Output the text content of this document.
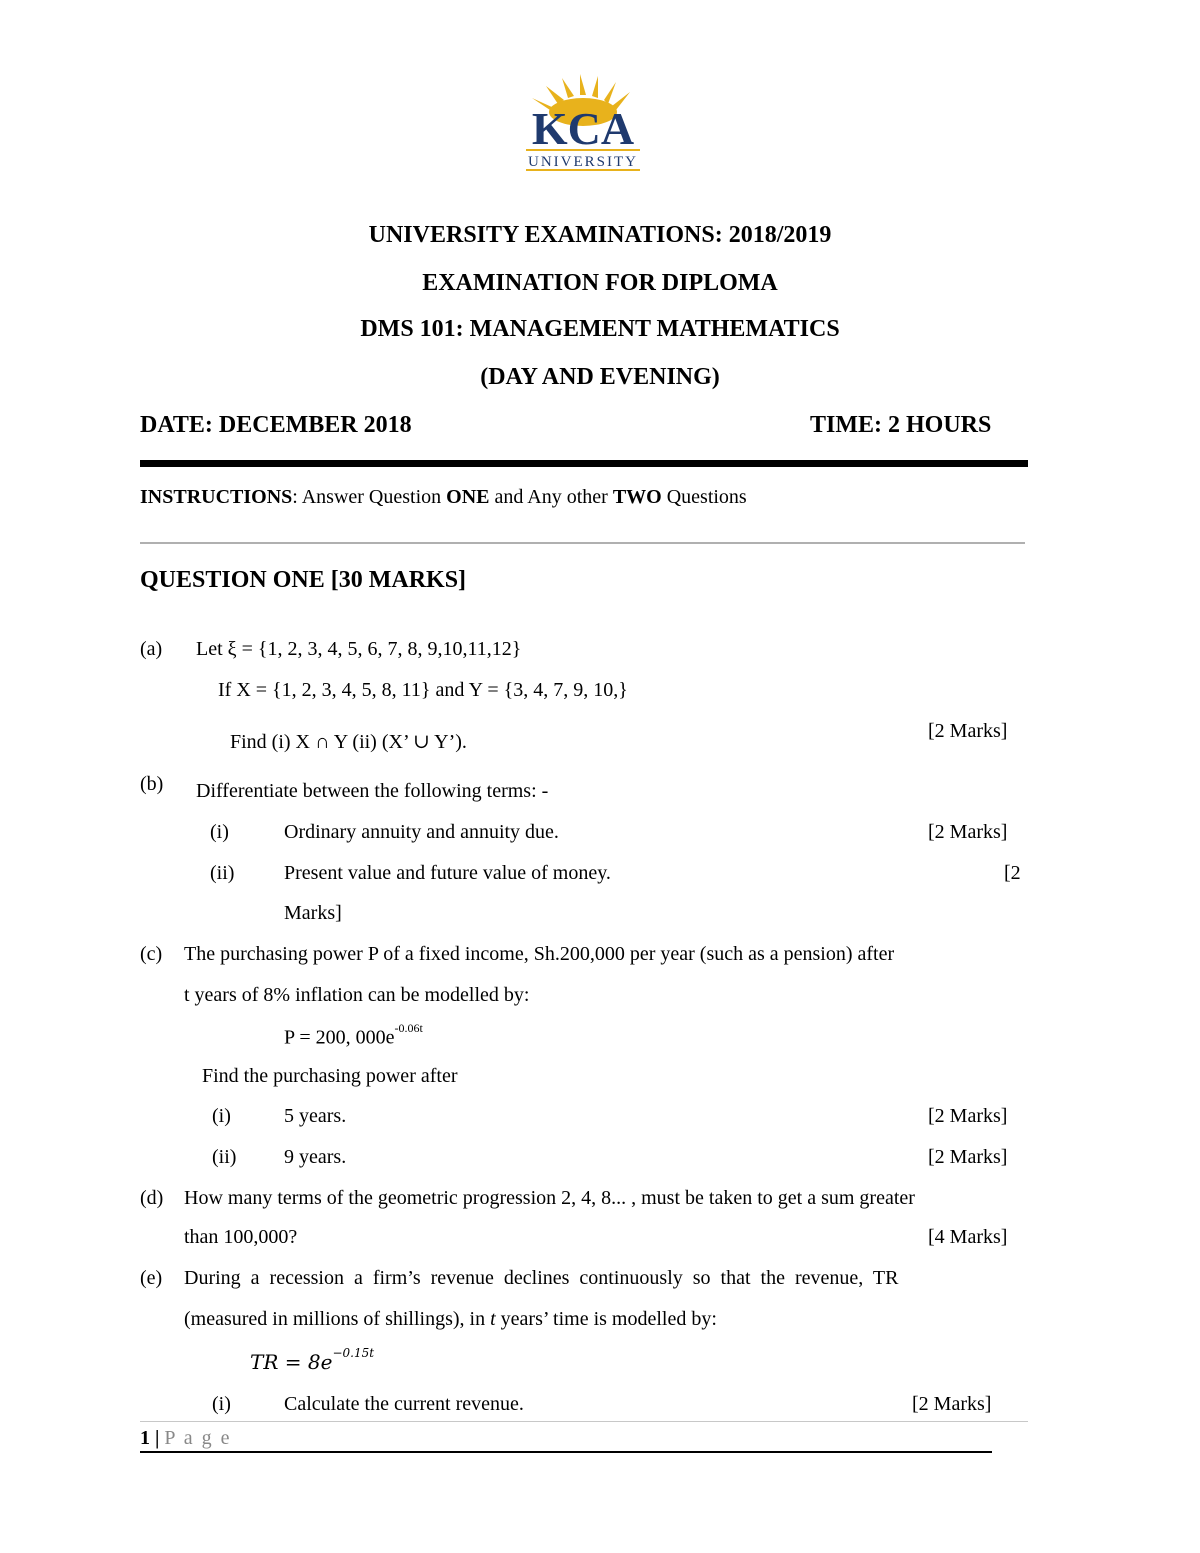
KCA
UNIVERSITY
UNIVERSITY EXAMINATIONS: 2018/2019
EXAMINATION FOR DIPLOMA
DMS 101: MANAGEMENT MATHEMATICS
(DAY AND EVENING)
DATE: DECEMBER 2018	TIME: 2 HOURS
INSTRUCTIONS: Answer Question ONE and Any other TWO Questions
QUESTION ONE [30 MARKS]
(a) Let ξ = {1, 2, 3, 4, 5, 6, 7, 8, 9,10,11,12}
If X = {1, 2, 3, 4, 5, 8, 11} and Y = {3, 4, 7, 9, 10,}
Find (i) X ∩ Y (ii) (X’ ∪ Y’).	[2 Marks]
(b) Differentiate between the following terms: -
(i)	Ordinary annuity and annuity due.	[2 Marks]
(ii) Present value and future value of money.	[2
Marks]
(c) The purchasing power P of a fixed income, Sh.200,000 per year (such as a pension) after
t years of 8% inflation can be modelled by:
P = 200, $000e^{-0.06t}$
Find the purchasing power after
(i)	5 years.	[2 Marks]
(ii) 9 years.	[2 Marks]
(d) How many terms of the geometric progression 2, 4, 8... , must be taken to get a sum greater
than 100,000?	[4 Marks]
(e) During  a  recession  a  firm’s  revenue  declines  continuously  so  that  the  revenue,  TR
(measured in millions of shillings), in t years’ time is modelled by:
TR = $8e^{-0.15t}$
(i)	Calculate the current revenue.	[2 Marks]
1 | P a g e
